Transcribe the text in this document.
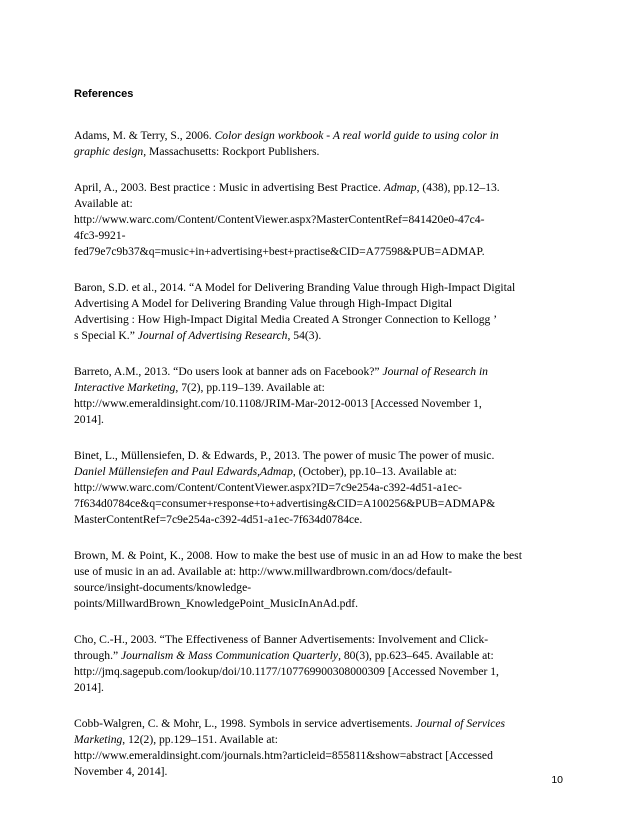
References
Adams, M. & Terry, S., 2006. Color design workbook - A real world guide to using color in
graphic design, Massachusetts: Rockport Publishers.
April, A., 2003. Best practice : Music in advertising Best Practice. Admap, (438), pp.12–13.
Available at:
http://www.warc.com/Content/ContentViewer.aspx?MasterContentRef=841420e0-47c4-
4fc3-9921-
fed79e7c9b37&q=music+in+advertising+best+practise&CID=A77598&PUB=ADMAP.
Baron, S.D. et al., 2014. “A Model for Delivering Branding Value through High-Impact Digital
Advertising A Model for Delivering Branding Value through High-Impact Digital
Advertising : How High-Impact Digital Media Created A Stronger Connection to Kellogg ’
s Special K.” Journal of Advertising Research, 54(3).
Barreto, A.M., 2013. “Do users look at banner ads on Facebook?” Journal of Research in
Interactive Marketing, 7(2), pp.119–139. Available at:
http://www.emeraldinsight.com/10.1108/JRIM-Mar-2012-0013 [Accessed November 1,
2014].
Binet, L., Müllensiefen, D. & Edwards, P., 2013. The power of music The power of music.
Daniel Müllensiefen and Paul Edwards,Admap, (October), pp.10–13. Available at:
http://www.warc.com/Content/ContentViewer.aspx?ID=7c9e254a-c392-4d51-a1ec-
7f634d0784ce&q=consumer+response+to+advertising&CID=A100256&PUB=ADMAP&
MasterContentRef=7c9e254a-c392-4d51-a1ec-7f634d0784ce.
Brown, M. & Point, K., 2008. How to make the best use of music in an ad How to make the best
use of music in an ad. Available at: http://www.millwardbrown.com/docs/default-
source/insight-documents/knowledge-
points/MillwardBrown_KnowledgePoint_MusicInAnAd.pdf.
Cho, C.-H., 2003. “The Effectiveness of Banner Advertisements: Involvement and Click-
through.” Journalism & Mass Communication Quarterly, 80(3), pp.623–645. Available at:
http://jmq.sagepub.com/lookup/doi/10.1177/107769900308000309 [Accessed November 1,
2014].
Cobb-Walgren, C. & Mohr, L., 1998. Symbols in service advertisements. Journal of Services
Marketing, 12(2), pp.129–151. Available at:
http://www.emeraldinsight.com/journals.htm?articleid=855811&show=abstract [Accessed
November 4, 2014].

10
